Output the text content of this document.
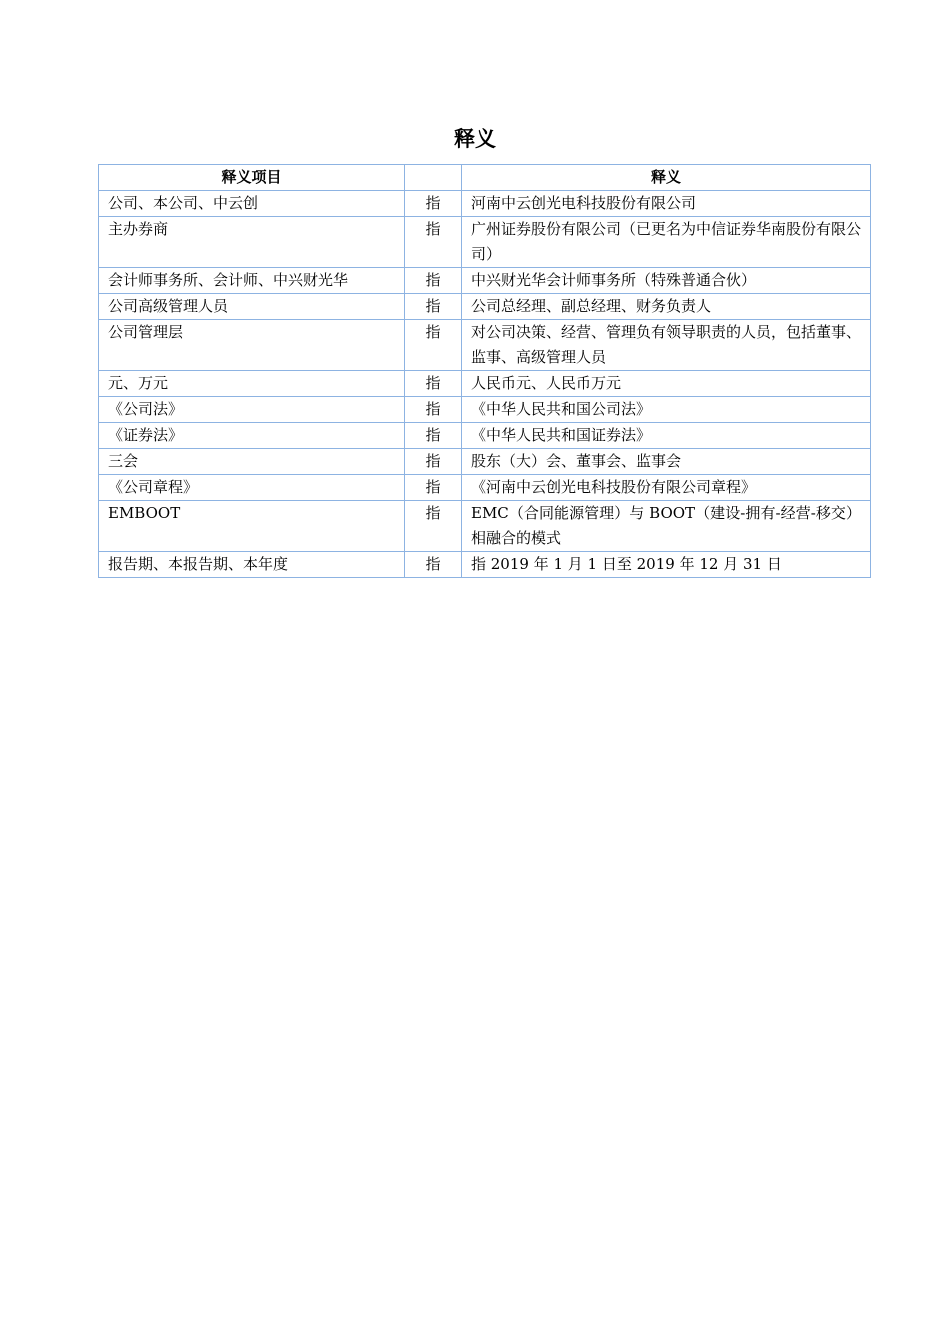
释义
释义项目		释义
公司、本公司、中云创	指	河南中云创光电科技股份有限公司
主办券商	指	广州证券股份有限公司（已更名为中信证券华南股份有限公司）
会计师事务所、会计师、中兴财光华	指	中兴财光华会计师事务所（特殊普通合伙）
公司高级管理人员	指	公司总经理、副总经理、财务负责人
公司管理层	指	对公司决策、经营、管理负有领导职责的人员，包括董事、监事、高级管理人员
元、万元	指	人民币元、人民币万元
《公司法》	指	《中华人民共和国公司法》
《证券法》	指	《中华人民共和国证券法》
三会	指	股东（大）会、董事会、监事会
《公司章程》	指	《河南中云创光电科技股份有限公司章程》
EMBOOT	指	EMC（合同能源管理）与 BOOT（建设-拥有-经营-移交）相融合的模式
报告期、本报告期、本年度	指	指 2019 年 1 月 1 日至 2019 年 12 月 31 日
